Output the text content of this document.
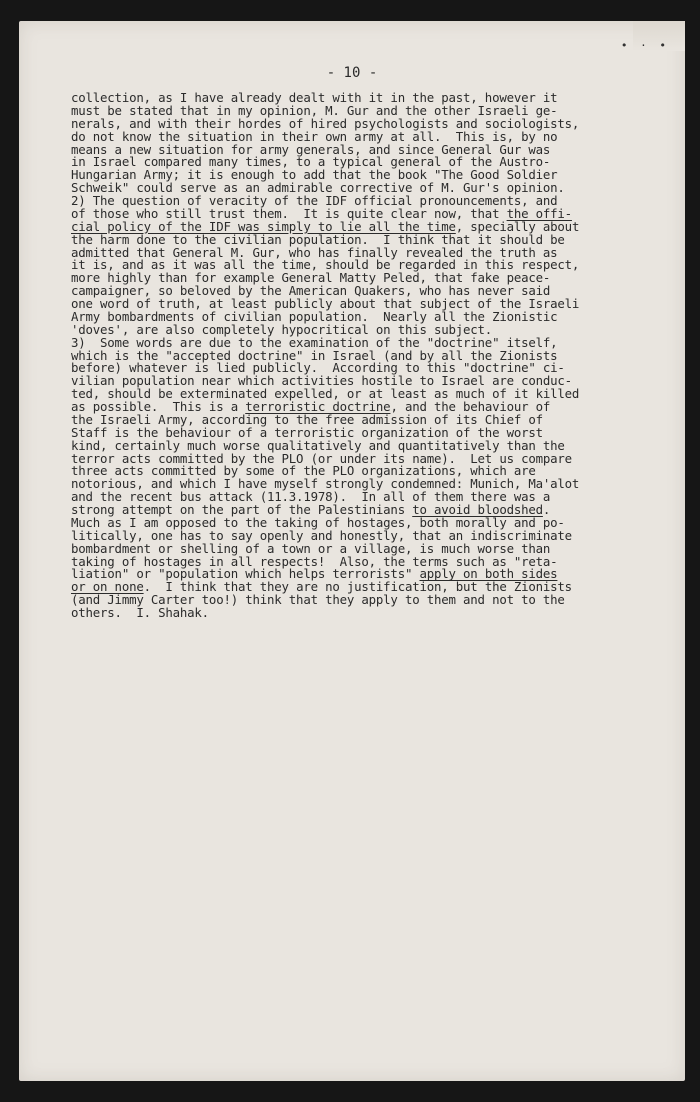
• · •
- 10 -
collection, as I have already dealt with it in the past, however it
must be stated that in my opinion, M. Gur and the other Israeli ge-
nerals, and with their hordes of hired psychologists and sociologists,
do not know the situation in their own army at all.  This is, by no
means a new situation for army generals, and since General Gur was
in Israel compared many times, to a typical general of the Austro-
Hungarian Army; it is enough to add that the book "The Good Soldier
Schweik" could serve as an admirable corrective of M. Gur's opinion.
2) The question of veracity of the IDF official pronouncements, and
of those who still trust them.  It is quite clear now, that the offi-
cial policy of the IDF was simply to lie all the time, specially about
the harm done to the civilian population.  I think that it should be
admitted that General M. Gur, who has finally revealed the truth as
it is, and as it was all the time, should be regarded in this respect,
more highly than for example General Matty Peled, that fake peace-
campaigner, so beloved by the American Quakers, who has never said
one word of truth, at least publicly about that subject of the Israeli
Army bombardments of civilian population.  Nearly all the Zionistic
'doves', are also completely hypocritical on this subject.
3)  Some words are due to the examination of the "doctrine" itself,
which is the "accepted doctrine" in Israel (and by all the Zionists
before) whatever is lied publicly.  According to this "doctrine" ci-
vilian population near which activities hostile to Israel are conduc-
ted, should be exterminated expelled, or at least as much of it killed
as possible.  This is a terroristic doctrine, and the behaviour of
the Israeli Army, according to the free admission of its Chief of
Staff is the behaviour of a terroristic organization of the worst
kind, certainly much worse qualitatively and quantitatively than the
terror acts committed by the PLO (or under its name).  Let us compare
three acts committed by some of the PLO organizations, which are
notorious, and which I have myself strongly condemned: Munich, Ma'alot
and the recent bus attack (11.3.1978).  In all of them there was a
strong attempt on the part of the Palestinians to avoid bloodshed.
Much as I am opposed to the taking of hostages, both morally and po-
litically, one has to say openly and honestly, that an indiscriminate
bombardment or shelling of a town or a village, is much worse than
taking of hostages in all respects!  Also, the terms such as "reta-
liation" or "population which helps terrorists" apply on both sides
or on none.  I think that they are no justification, but the Zionists
(and Jimmy Carter too!) think that they apply to them and not to the
others.  I. Shahak.
